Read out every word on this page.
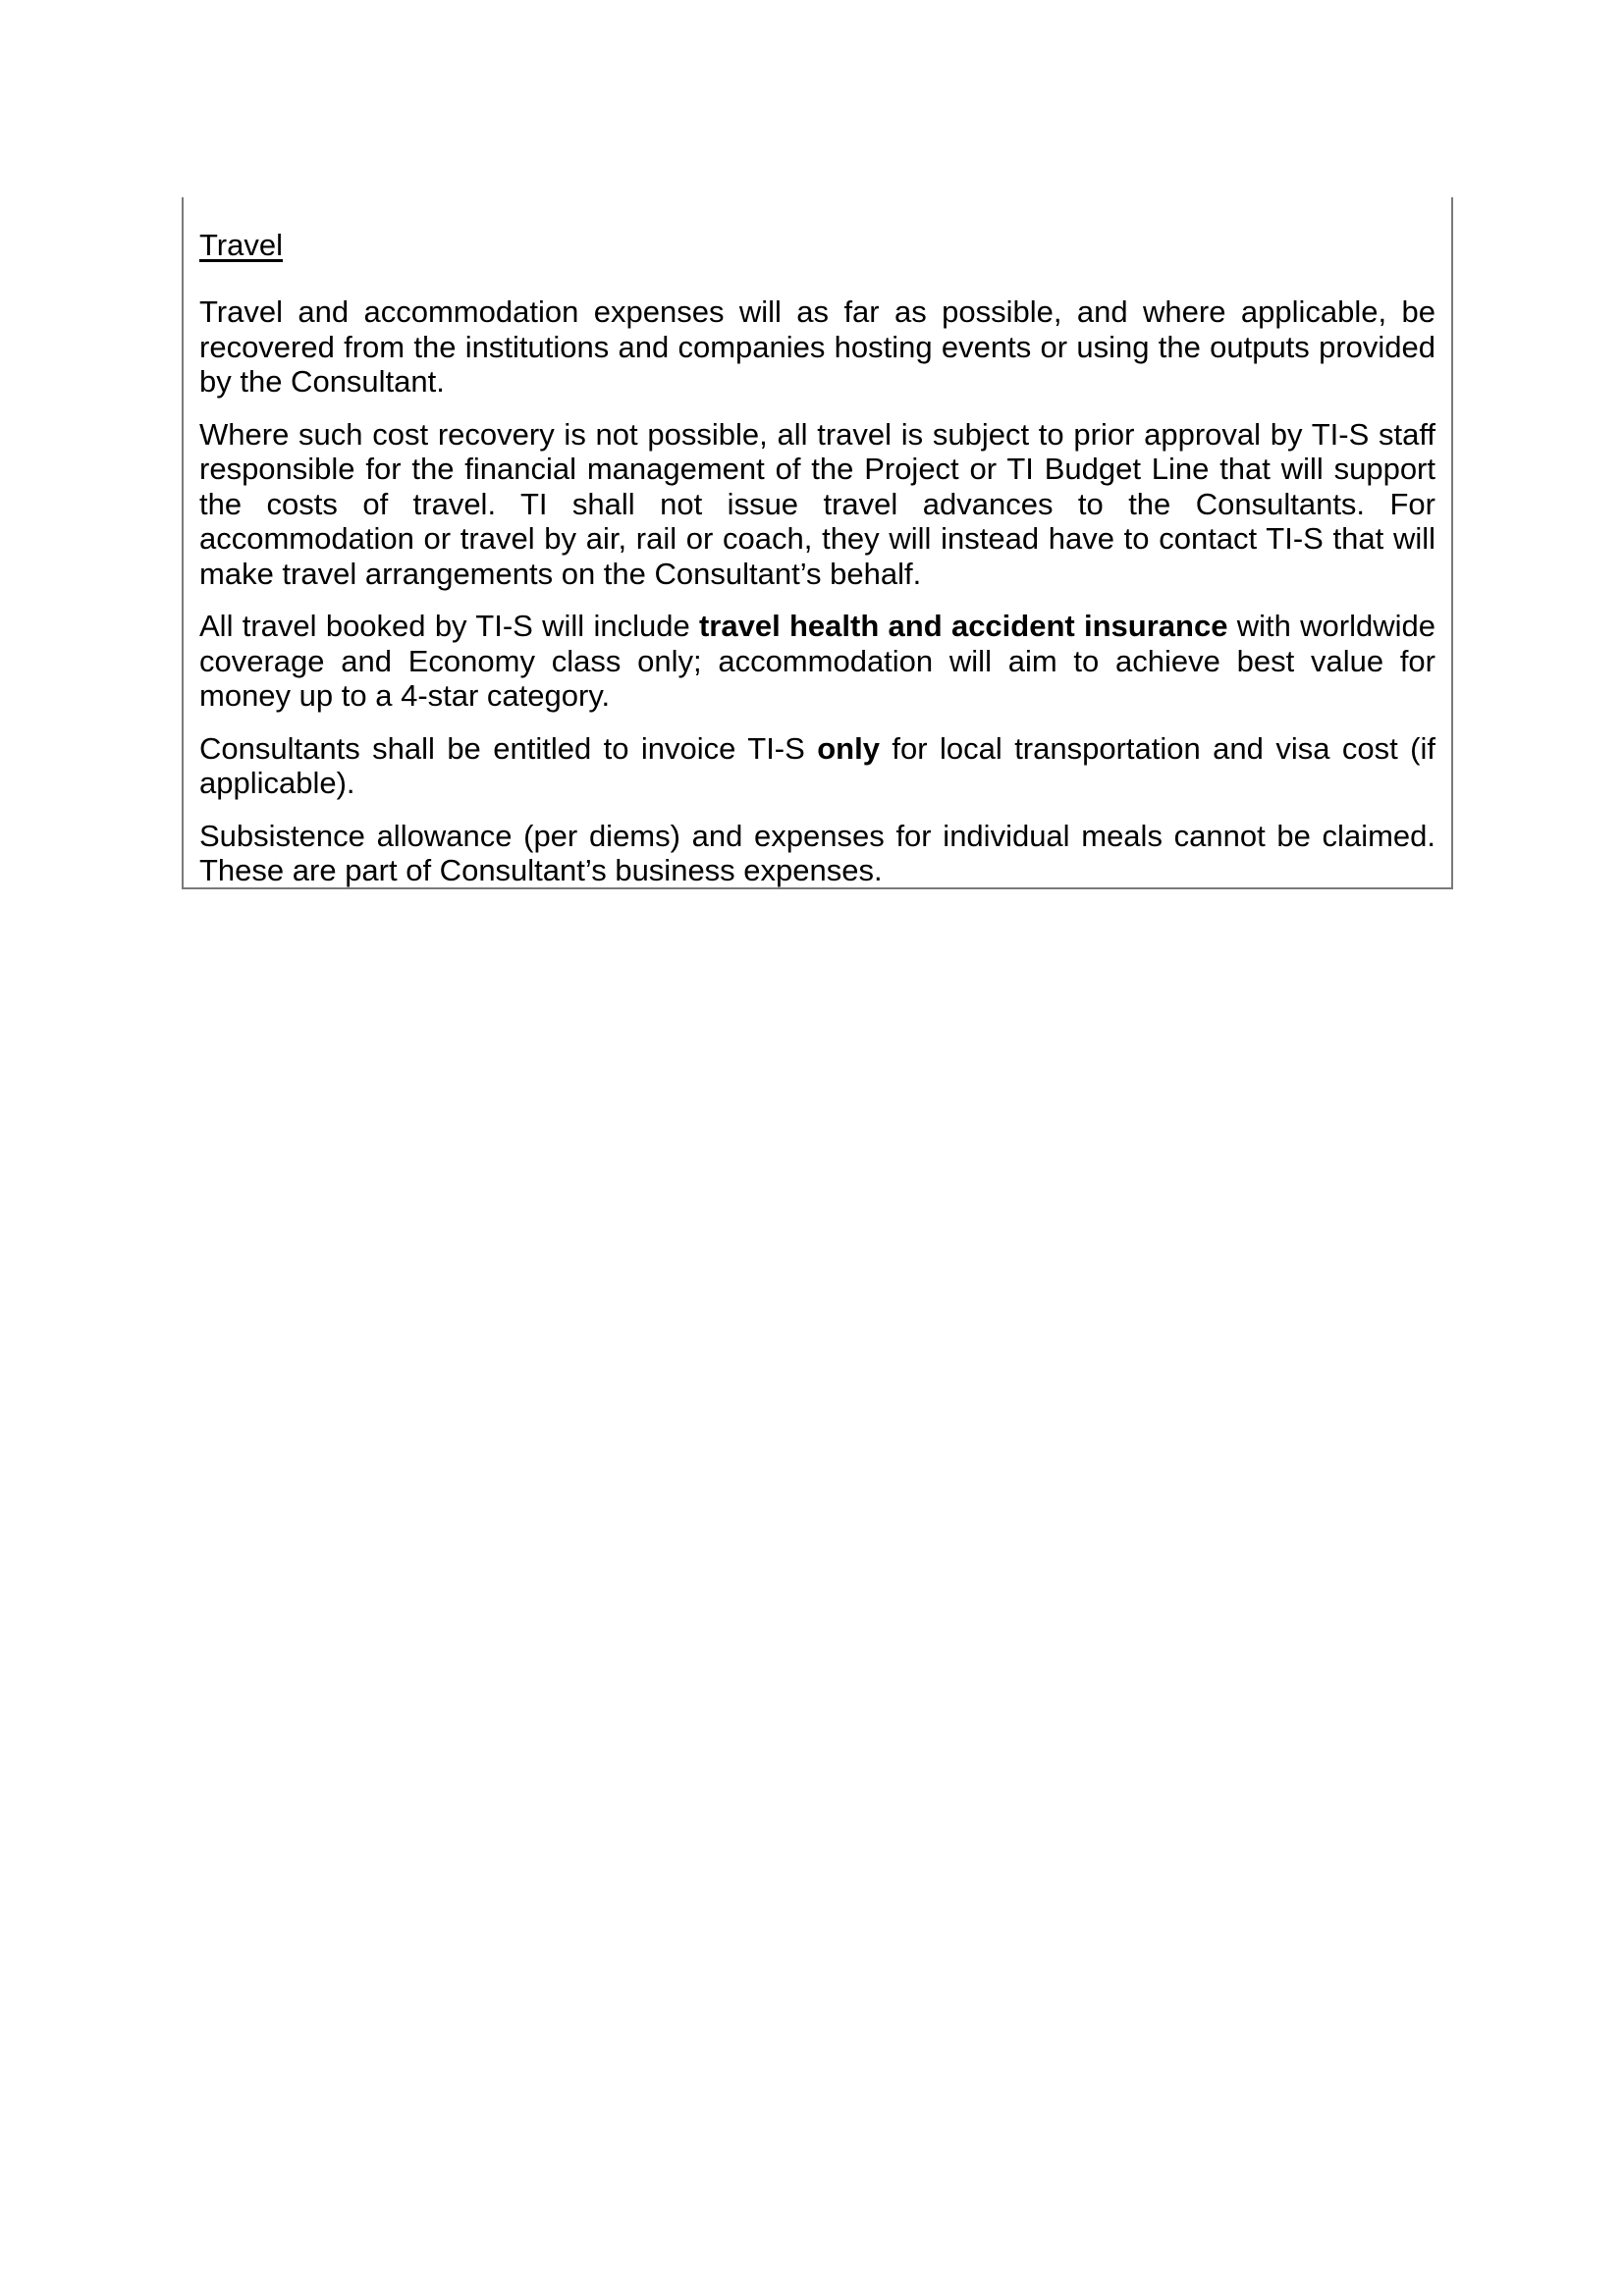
Travel

Travel and accommodation expenses will as far as possible, and where applicable, be recovered from the institutions and companies hosting events or using the outputs provided by the Consultant.

Where such cost recovery is not possible, all travel is subject to prior approval by TI-S staff responsible for the financial management of the Project or TI Budget Line that will support the costs of travel. TI shall not issue travel advances to the Consultants. For accommodation or travel by air, rail or coach, they will instead have to contact TI-S that will make travel arrangements on the Consultant’s behalf.

All travel booked by TI-S will include travel health and accident insurance with worldwide coverage and Economy class only; accommodation will aim to achieve best value for money up to a 4-star category.

Consultants shall be entitled to invoice TI-S only for local transportation and visa cost (if applicable).

Subsistence allowance (per diems) and expenses for individual meals cannot be claimed. These are part of Consultant’s business expenses.
